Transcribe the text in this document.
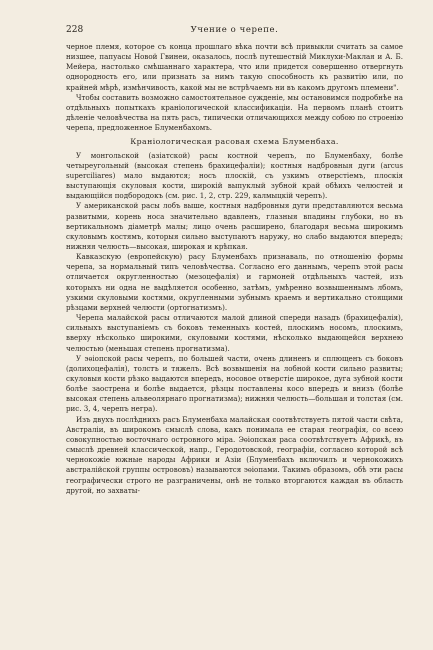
228	Учение о черепе.

черное племя, которое съ конца прошлаго вѣка почти всѣ привыкли считать за самое низшее, папуасы Новой Гвинеи, оказалось, послѣ путешествій Миклухи-Маклая и А. Б. Мейера, настолько смѣшаннаго характера, что или придется совершенно отвергнуть однородность его, или признать за нимъ такую способность къ развитію или, по крайней мѣрѣ, измѣнчивость, какой мы не встрѣчаемъ ни въ какомъ другомъ племени".

Чтобы составить возможно самостоятельное сужденіе, мы остановимся подробнѣе на отдѣльныхъ попыткахъ краніологической классификаціи. На первомъ планѣ стоитъ дѣленіе человѣчества на пять расъ, типически отличающихся между собою по строенію черепа, предложенное Блуменбахомъ.

Краніологическая расовая схема Блуменбаха.

У монгольской (азіатской) расы костной черепъ, по Блуменбаху, болѣе четыреугольный (высокая степень брахицефаліи); костныя надбровныя дуги (arcus superciliares) мало выдаются; носъ плоскій, съ узкимъ отверстіемъ, плоскія выступающія скуловыя кости, широкій выпуклый зубной край обѣихъ челюстей и выдающійся подбородокъ (см. рис. 1, 2, стр. 229, калмыцкій черепъ).

У американской расы лобъ выше, костныя надбровныя дуги представляются весьма развитыми, корень носа значительно вдавленъ, глазныя впадины глубоки, но въ вертикальномъ діаметрѣ малы; лицо очень расширено, благодаря весьма широкимъ скуловымъ костямъ, которыя сильно выступаютъ наружу, но слабо выдаются впередъ; нижняя челюсть—высокая, широкая и крѣпкая.

Кавказскую (европейскую) расу Блуменбахъ признаваль, по отношенію формы черепа, за нормальный типъ человѣчества. Согласно его даннымъ, черепъ этой расы отличается округленностью (мезоцефалія) и гармоней отдѣльныхъ частей, изъ которыхъ ни одна не выдѣляется особенно, затѣмъ, умѣренно возвышеннымъ лбомъ, узкими скуловыми костями, округленными зубнымъ краемъ и вертикально стоящими рѣзцами верхней челюсти (ортогнатизмъ).

Черепа малайской расы отличаются малой длиной спереди назадъ (брахицефалія), сильныхъ выступаніемъ съ боковъ теменныхъ костей, плоскимъ носомъ, плоскимъ, вверху нѣсколько широкими, скуловыми костями, нѣсколько выдающейся верхнею челюстью (меньшая степень прогнатизма).

У эѳіопской расы черепъ, по большей части, очень длиненъ и сплющенъ съ боковъ (долихоцефалія), толстъ и тяжелъ. Всѣ возвышенія на лобной кости сильно развиты; скуловыя кости рѣзко выдаются впередъ, носовое отверстіе широкое, дуга зубной кости болѣе заострена и болѣе выдается, рѣзцы поставлены косо впередъ и внизъ (болѣе высокая степень альвеолярнаго прогнатизма); нижняя челюсть—большая и толстая (см. рис. 3, 4, черепъ негра).

Изъ двухъ послѣднихъ расъ Блуменбаха малайская соотвѣтствуетъ пятой части свѣта, Австраліи, въ широкомъ смыслѣ слова, какъ понимала ее старая географія, со всею совокупностью восточнаго островного міра. Эѳіопская раса соотвѣтствуетъ Африкѣ, въ смыслѣ древней классической, напр., Геродотовской, географіи, согласно которой всѣ чернокожіе южные народы Африки и Азіи (Блуменбахъ включилъ и чернокожихъ австралійской группы острововъ) называются эѳіопами. Такимъ образомъ, обѣ эти расы географически строго не разграничены, онѣ не только вторгаются каждая въ область другой, но захваты-
